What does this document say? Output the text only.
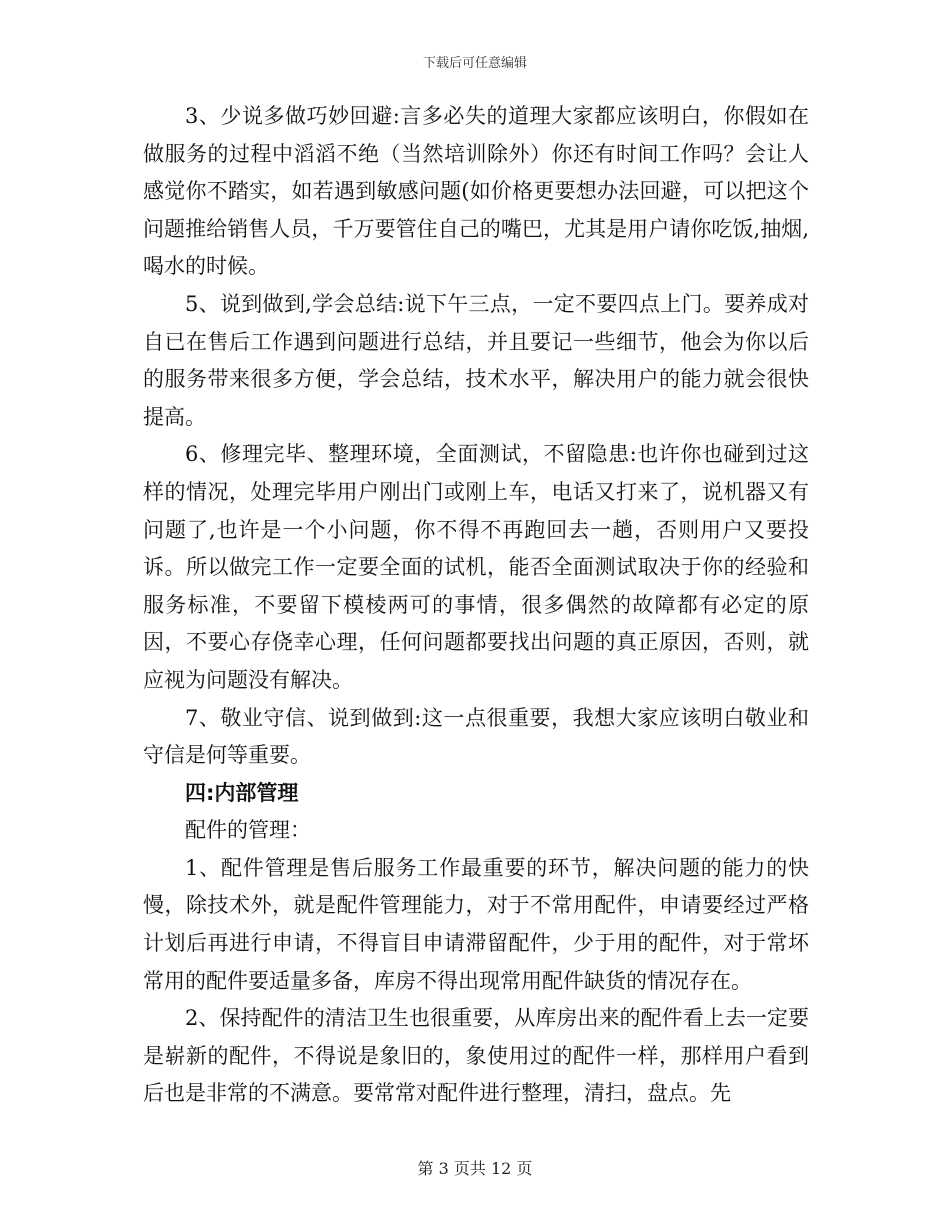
下载后可任意编辑

3、少说多做巧妙回避:言多必失的道理大家都应该明白，你假如在做服务的过程中滔滔不绝（当然培训除外）你还有时间工作吗？会让人感觉你不踏实，如若遇到敏感问题(如价格更要想办法回避，可以把这个问题推给销售人员，千万要管住自己的嘴巴，尤其是用户请你吃饭,抽烟,喝水的时候。

5、说到做到,学会总结:说下午三点，一定不要四点上门。要养成对自已在售后工作遇到问题进行总结，并且要记一些细节，他会为你以后的服务带来很多方便，学会总结，技术水平，解决用户的能力就会很快提高。

6、修理完毕、整理环境，全面测试，不留隐患:也许你也碰到过这样的情况，处理完毕用户刚出门或刚上车，电话又打来了，说机器又有问题了,也许是一个小问题，你不得不再跑回去一趟，否则用户又要投诉。所以做完工作一定要全面的试机，能否全面测试取决于你的经验和服务标准，不要留下模棱两可的事情，很多偶然的故障都有必定的原因，不要心存侥幸心理，任何问题都要找出问题的真正原因，否则，就应视为问题没有解决。

7、敬业守信、说到做到:这一点很重要，我想大家应该明白敬业和守信是何等重要。

四:内部管理

配件的管理：

1、配件管理是售后服务工作最重要的环节，解决问题的能力的快慢，除技术外，就是配件管理能力，对于不常用配件，申请要经过严格计划后再进行申请，不得盲目申请滞留配件，少于用的配件，对于常坏常用的配件要适量多备，库房不得出现常用配件缺货的情况存在。

2、保持配件的清洁卫生也很重要，从库房出来的配件看上去一定要是崭新的配件，不得说是象旧的，象使用过的配件一样，那样用户看到后也是非常的不满意。要常常对配件进行整理，清扫，盘点。先

第 3 页共 12 页
